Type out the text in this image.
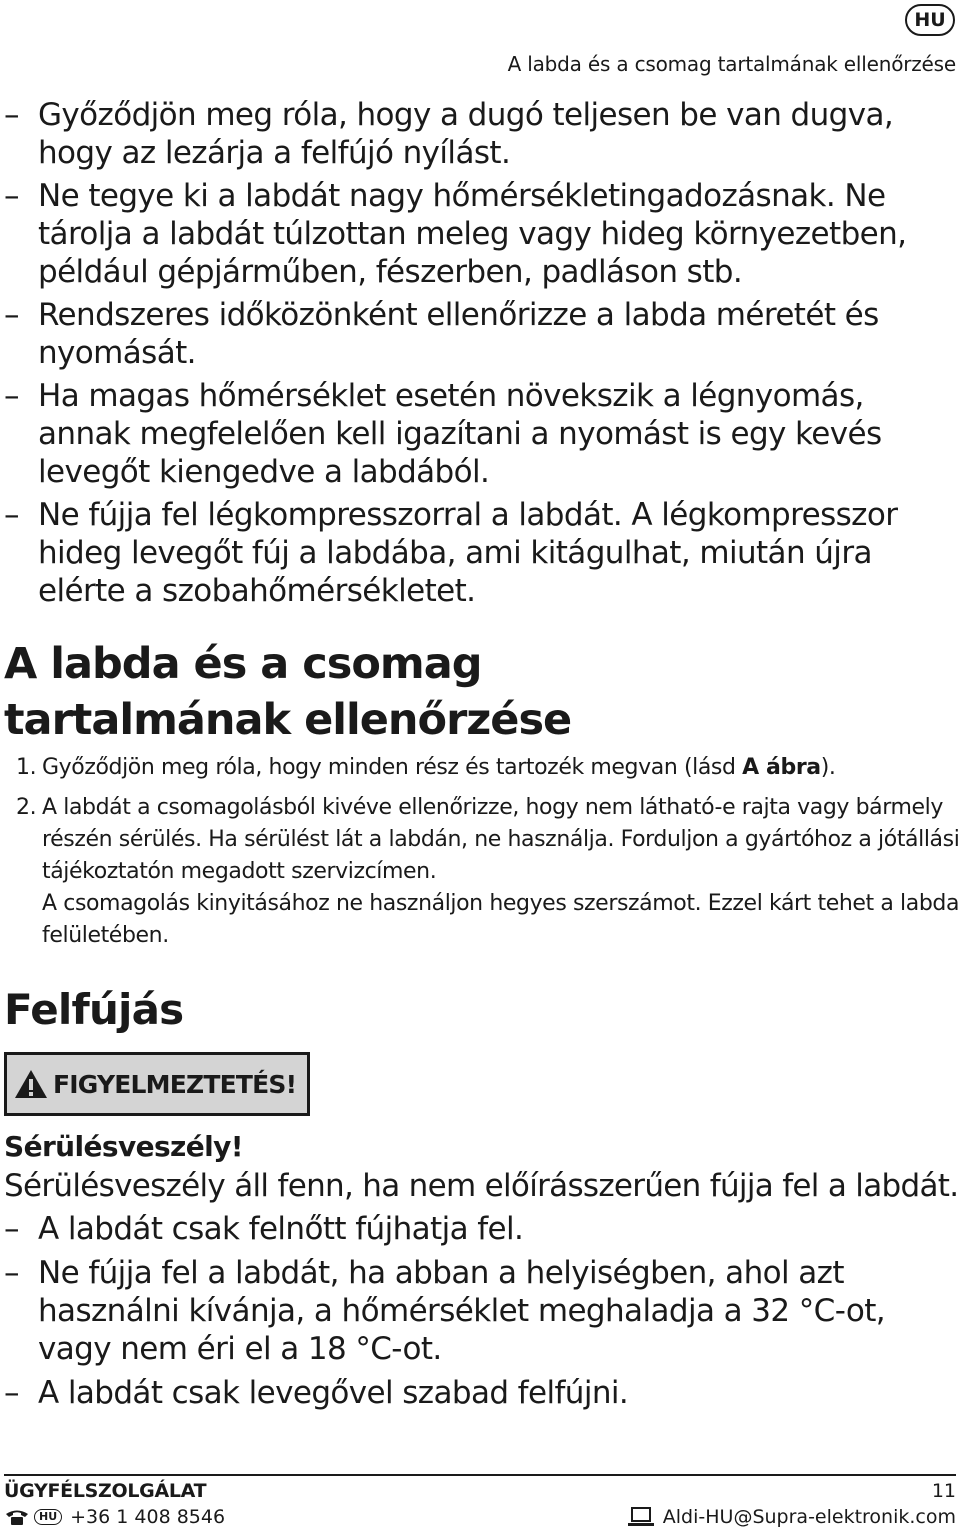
HU
A labda és a csomag tartalmának ellenőrzése
– Győződjön meg róla, hogy a dugó teljesen be van dugva, hogy az lezárja a felfújó nyílást.
– Ne tegye ki a labdát nagy hőmérsékletingadozásnak. Ne tárolja a labdát túlzottan meleg vagy hideg környezetben, például gépjárműben, fészerben, padláson stb.
– Rendszeres időközönként ellenőrizze a labda méretét és nyomását.
– Ha magas hőmérséklet esetén növekszik a légnyomás, annak megfelelően kell igazítani a nyomást is egy kevés levegőt kiengedve a labdából.
– Ne fújja fel légkompresszorral a labdát. A légkompresszor hideg levegőt fúj a labdába, ami kitágulhat, miután újra elérte a szobahőmérsékletet.
A labda és a csomag tartalmának ellenőrzése
1. Győződjön meg róla, hogy minden rész és tartozék megvan (lásd A ábra).
2. A labdát a csomagolásból kivéve ellenőrizze, hogy nem látható-e rajta vagy bármely részén sérülés. Ha sérülést lát a labdán, ne használja. Forduljon a gyártóhoz a jótállási tájékoztatón megadott szervizcímen.
A csomagolás kinyitásához ne használjon hegyes szerszámot. Ezzel kárt tehet a labda felületében.
Felfújás
FIGYELMEZTETÉS!
Sérülésveszély!
Sérülésveszély áll fenn, ha nem előírásszerűen fújja fel a labdát.
– A labdát csak felnőtt fújhatja fel.
– Ne fújja fel a labdát, ha abban a helyiségben, ahol azt használni kívánja, a hőmérséklet meghaladja a 32 °C-ot, vagy nem éri el a 18 °C-ot.
– A labdát csak levegővel szabad felfújni.
ÜGYFÉLSZOLGÁLAT	11
HU +36 1 408 8546	Aldi-HU@Supra-elektronik.com
